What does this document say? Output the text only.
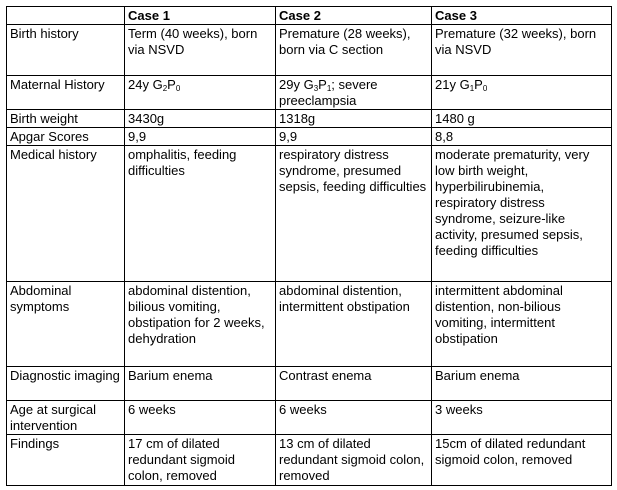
	Case 1	Case 2	Case 3
Birth history	Term (40 weeks), born via NSVD	Premature (28 weeks), born via C section	Premature (32 weeks), born via NSVD
Maternal History	24y $G_2P_0$	29y $G_3P_1$; severe preeclampsia	21y $G_1P_0$
Birth weight	3430g	1318g	1480 g
Apgar Scores	9,9	9,9	8,8
Medical history	omphalitis, feeding difficulties	respiratory distress syndrome, presumed sepsis, feeding difficulties	moderate prematurity, very low birth weight, hyperbilirubinemia, respiratory distress syndrome, seizure-like activity, presumed sepsis, feeding difficulties
Abdominal symptoms	abdominal distention, bilious vomiting, obstipation for 2 weeks, dehydration	abdominal distention, intermittent obstipation	intermittent abdominal distention, non-bilious vomiting, intermittent obstipation
Diagnostic imaging	Barium enema	Contrast enema	Barium enema
Age at surgical intervention	6 weeks	6 weeks	3 weeks
Findings	17 cm of dilated redundant sigmoid colon, removed	13 cm of dilated redundant sigmoid colon, removed	15cm of dilated redundant sigmoid colon, removed
